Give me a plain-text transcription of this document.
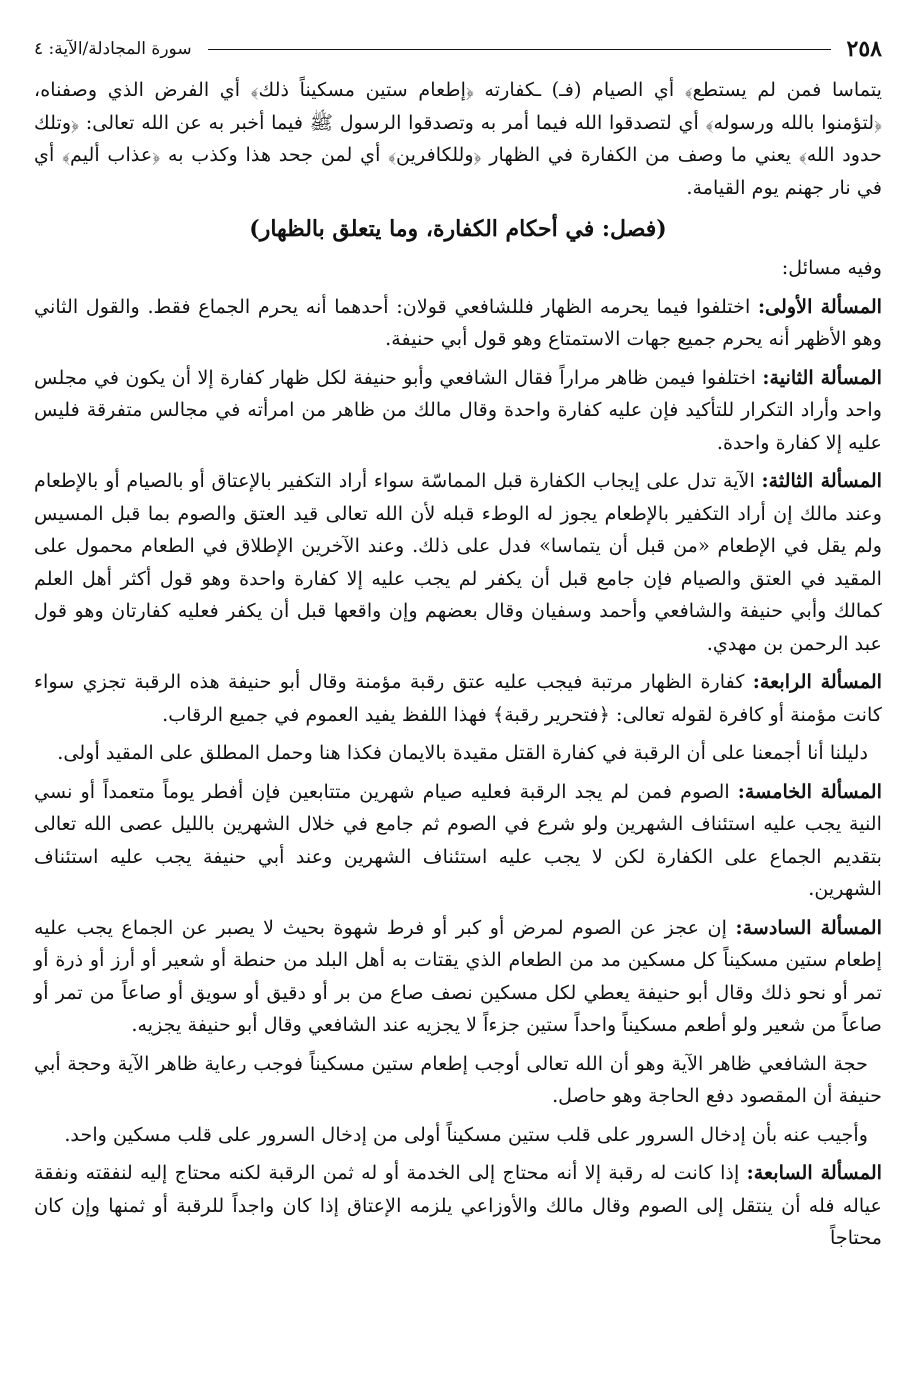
٢٥٨
سورة المجادلة/الآية: ٤

يتماسا فمن لم يستطع﴾ أي الصيام (فـ) ـكفارته ﴿إطعام ستين مسكيناً ذلك﴾ أي الفرض الذي وصفناه، ﴿لتؤمنوا بالله ورسوله﴾ أي لتصدقوا الله فيما أمر به وتصدقوا الرسول ﷺ فيما أخبر به عن الله تعالى: ﴿وتلك حدود الله﴾ يعني ما وصف من الكفارة في الظهار ﴿وللكافرين﴾ أي لمن جحد هذا وكذب به ﴿عذاب أليم﴾ أي في نار جهنم يوم القيامة.

(فصل: في أحكام الكفارة، وما يتعلق بالظهار)

وفيه مسائل:

المسألة الأولى: اختلفوا فيما يحرمه الظهار فللشافعي قولان: أحدهما أنه يحرم الجماع فقط. والقول الثاني وهو الأظهر أنه يحرم جميع جهات الاستمتاع وهو قول أبي حنيفة.

المسألة الثانية: اختلفوا فيمن ظاهر مراراً فقال الشافعي وأبو حنيفة لكل ظهار كفارة إلا أن يكون في مجلس واحد وأراد التكرار للتأكيد فإن عليه كفارة واحدة وقال مالك من ظاهر من امرأته في مجالس متفرقة فليس عليه إلا كفارة واحدة.

المسألة الثالثة: الآية تدل على إيجاب الكفارة قبل المماسّة سواء أراد التكفير بالإعتاق أو بالصيام أو بالإطعام وعند مالك إن أراد التكفير بالإطعام يجوز له الوطء قبله لأن الله تعالى قيد العتق والصوم بما قبل المسيس ولم يقل في الإطعام «من قبل أن يتماسا» فدل على ذلك. وعند الآخرين الإطلاق في الطعام محمول على المقيد في العتق والصيام فإن جامع قبل أن يكفر لم يجب عليه إلا كفارة واحدة وهو قول أكثر أهل العلم كمالك وأبي حنيفة والشافعي وأحمد وسفيان وقال بعضهم وإن واقعها قبل أن يكفر فعليه كفارتان وهو قول عبد الرحمن بن مهدي.

المسألة الرابعة: كفارة الظهار مرتبة فيجب عليه عتق رقبة مؤمنة وقال أبو حنيفة هذه الرقبة تجزي سواء كانت مؤمنة أو كافرة لقوله تعالى: ﴿فتحرير رقبة﴾ فهذا اللفظ يفيد العموم في جميع الرقاب.

دليلنا أنا أجمعنا على أن الرقبة في كفارة القتل مقيدة بالايمان فكذا هنا وحمل المطلق على المقيد أولى.

المسألة الخامسة: الصوم فمن لم يجد الرقبة فعليه صيام شهرين متتابعين فإن أفطر يوماً متعمداً أو نسي النية يجب عليه استئناف الشهرين ولو شرع في الصوم ثم جامع في خلال الشهرين بالليل عصى الله تعالى بتقديم الجماع على الكفارة لكن لا يجب عليه استئناف الشهرين وعند أبي حنيفة يجب عليه استئناف الشهرين.

المسألة السادسة: إن عجز عن الصوم لمرض أو كبر أو فرط شهوة بحيث لا يصبر عن الجماع يجب عليه إطعام ستين مسكيناً كل مسكين مد من الطعام الذي يقتات به أهل البلد من حنطة أو شعير أو أرز أو ذرة أو تمر أو نحو ذلك وقال أبو حنيفة يعطي لكل مسكين نصف صاع من بر أو دقيق أو سويق أو صاعاً من تمر أو صاعاً من شعير ولو أطعم مسكيناً واحداً ستين جزءاً لا يجزيه عند الشافعي وقال أبو حنيفة يجزيه.

حجة الشافعي ظاهر الآية وهو أن الله تعالى أوجب إطعام ستين مسكيناً فوجب رعاية ظاهر الآية وحجة أبي حنيفة أن المقصود دفع الحاجة وهو حاصل.

وأجيب عنه بأن إدخال السرور على قلب ستين مسكيناً أولى من إدخال السرور على قلب مسكين واحد.

المسألة السابعة: إذا كانت له رقبة إلا أنه محتاج إلى الخدمة أو له ثمن الرقبة لكنه محتاج إليه لنفقته ونفقة عياله فله أن ينتقل إلى الصوم وقال مالك والأوزاعي يلزمه الإعتاق إذا كان واجداً للرقبة أو ثمنها وإن كان محتاجاً
